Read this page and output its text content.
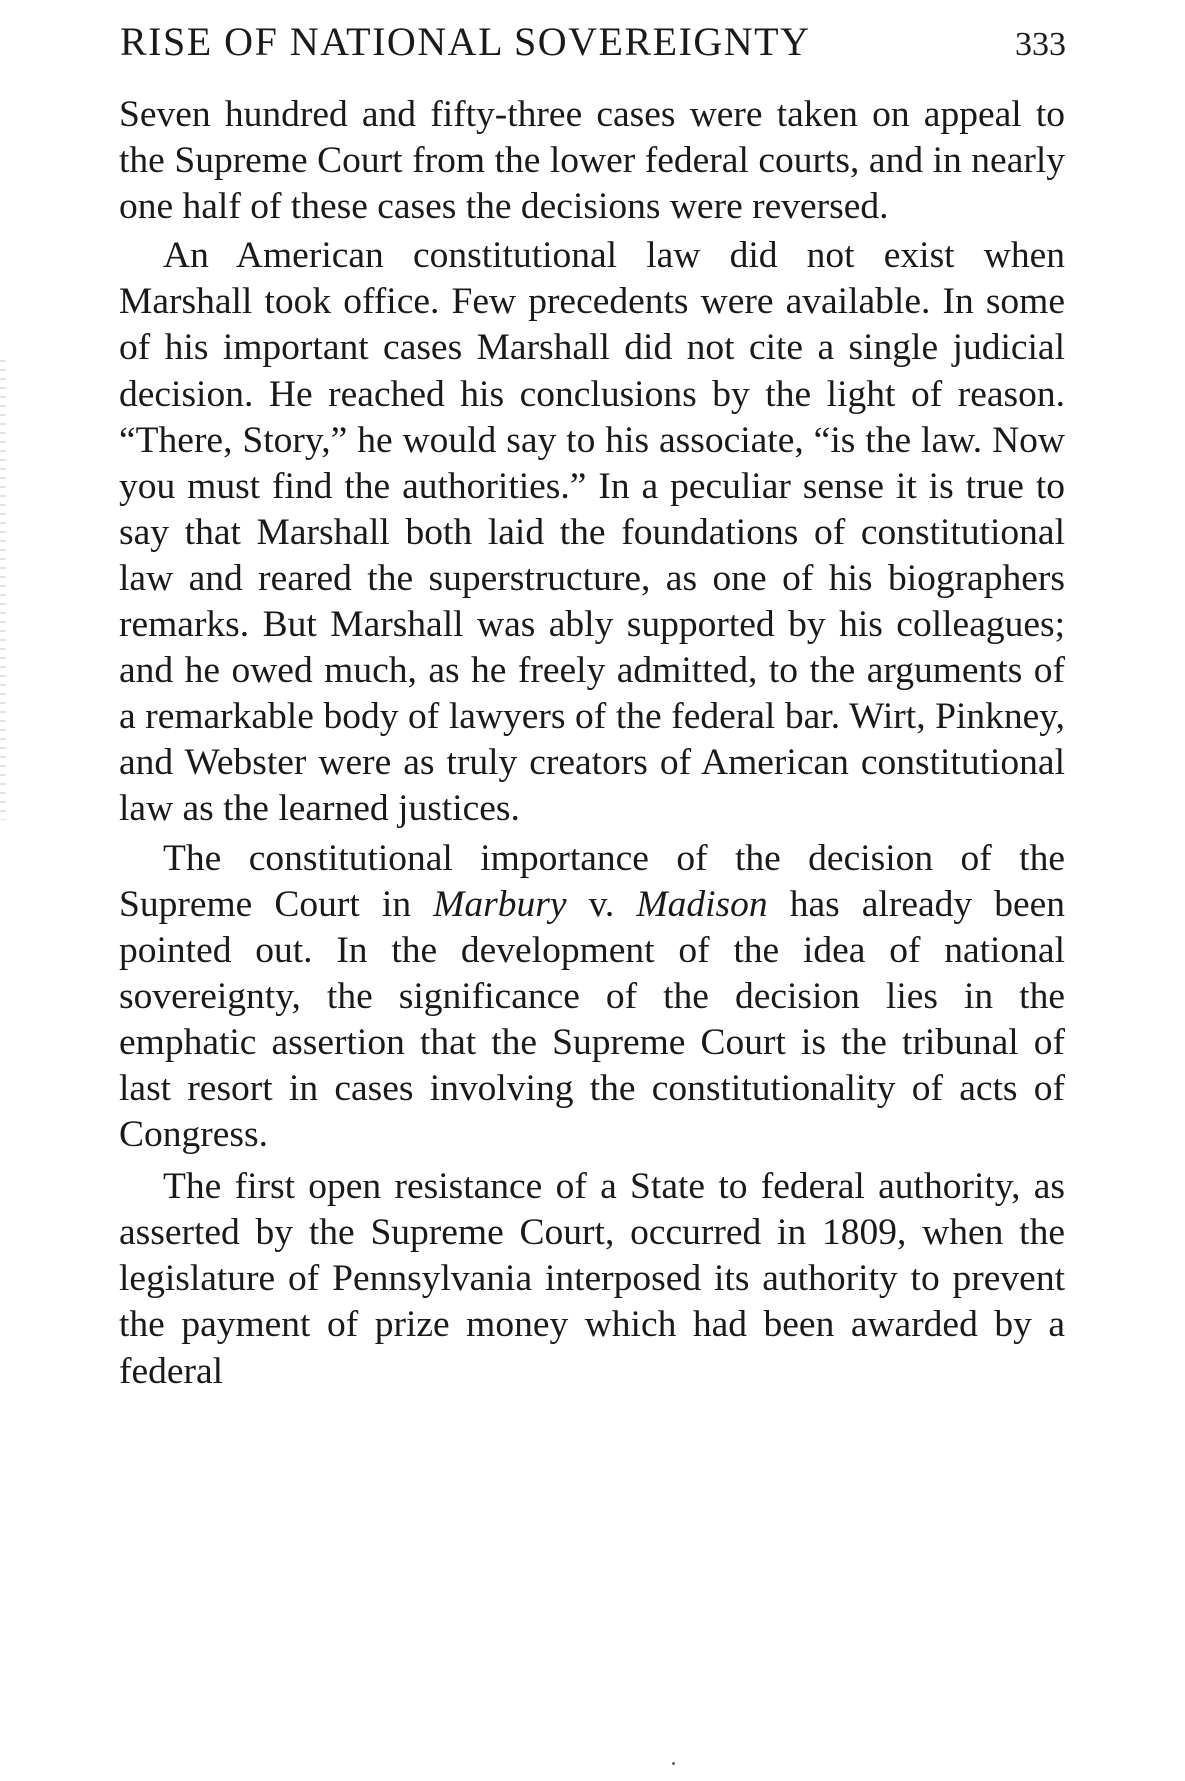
RISE OF NATIONAL SOVEREIGNTY	333

Seven hundred and fifty-three cases were taken on appeal to the Supreme Court from the lower federal courts, and in nearly one half of these cases the decisions were reversed.

An American constitutional law did not exist when Marshall took office. Few precedents were available. In some of his important cases Marshall did not cite a single judicial decision. He reached his conclusions by the light of reason. “There, Story,” he would say to his associate, “is the law. Now you must find the authorities.” In a peculiar sense it is true to say that Marshall both laid the foundations of constitutional law and reared the superstructure, as one of his biographers remarks. But Marshall was ably supported by his colleagues; and he owed much, as he freely admitted, to the arguments of a remarkable body of lawyers of the federal bar. Wirt, Pinkney, and Webster were as truly creators of American constitutional law as the learned justices.

The constitutional importance of the decision of the Supreme Court in Marbury v. Madison has already been pointed out. In the development of the idea of national sovereignty, the significance of the decision lies in the emphatic assertion that the Supreme Court is the tribunal of last resort in cases involving the constitutionality of acts of Congress.

The first open resistance of a State to federal authority, as asserted by the Supreme Court, occurred in 1809, when the legislature of Pennsylvania interposed its authority to prevent the payment of prize money which had been awarded by a federal
